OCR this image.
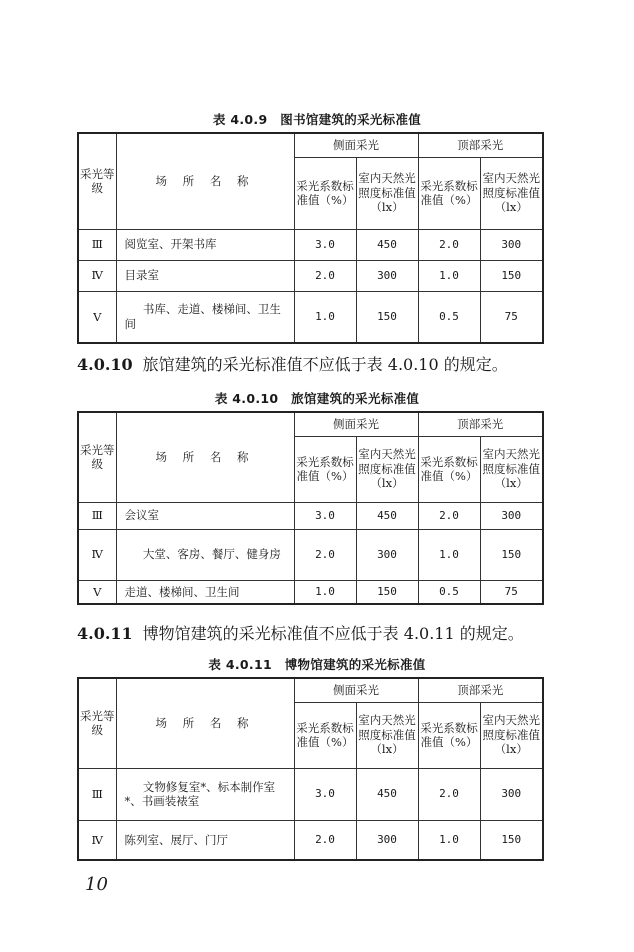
表 4.0.9　图书馆建筑的采光标准值
采光等级	场 所 名 称	侧面采光		顶部采光	
		采光系数标准值（%）	室内天然光照度标准值（lx）	采光系数标准值（%）	室内天然光照度标准值（lx）
Ⅲ	阅览室、开架书库	3.0	450	2.0	300
Ⅳ	目录室	2.0	300	1.0	150
Ⅴ	书库、走道、楼梯间、卫生间	1.0	150	0.5	75
4.0.10 旅馆建筑的采光标准值不应低于表 4.0.10 的规定。
表 4.0.10　旅馆建筑的采光标准值
采光等级	场 所 名 称	侧面采光		顶部采光	
		采光系数标准值（%）	室内天然光照度标准值（lx）	采光系数标准值（%）	室内天然光照度标准值（lx）
Ⅲ	会议室	3.0	450	2.0	300
Ⅳ	大堂、客房、餐厅、健身房	2.0	300	1.0	150
Ⅴ	走道、楼梯间、卫生间	1.0	150	0.5	75
4.0.11 博物馆建筑的采光标准值不应低于表 4.0.11 的规定。
表 4.0.11　博物馆建筑的采光标准值
采光等级	场 所 名 称	侧面采光		顶部采光	
		采光系数标准值（%）	室内天然光照度标准值（lx）	采光系数标准值（%）	室内天然光照度标准值（lx）
Ⅲ	文物修复室*、标本制作室*、书画装裱室	3.0	450	2.0	300
Ⅳ	陈列室、展厅、门厅	2.0	300	1.0	150
10
